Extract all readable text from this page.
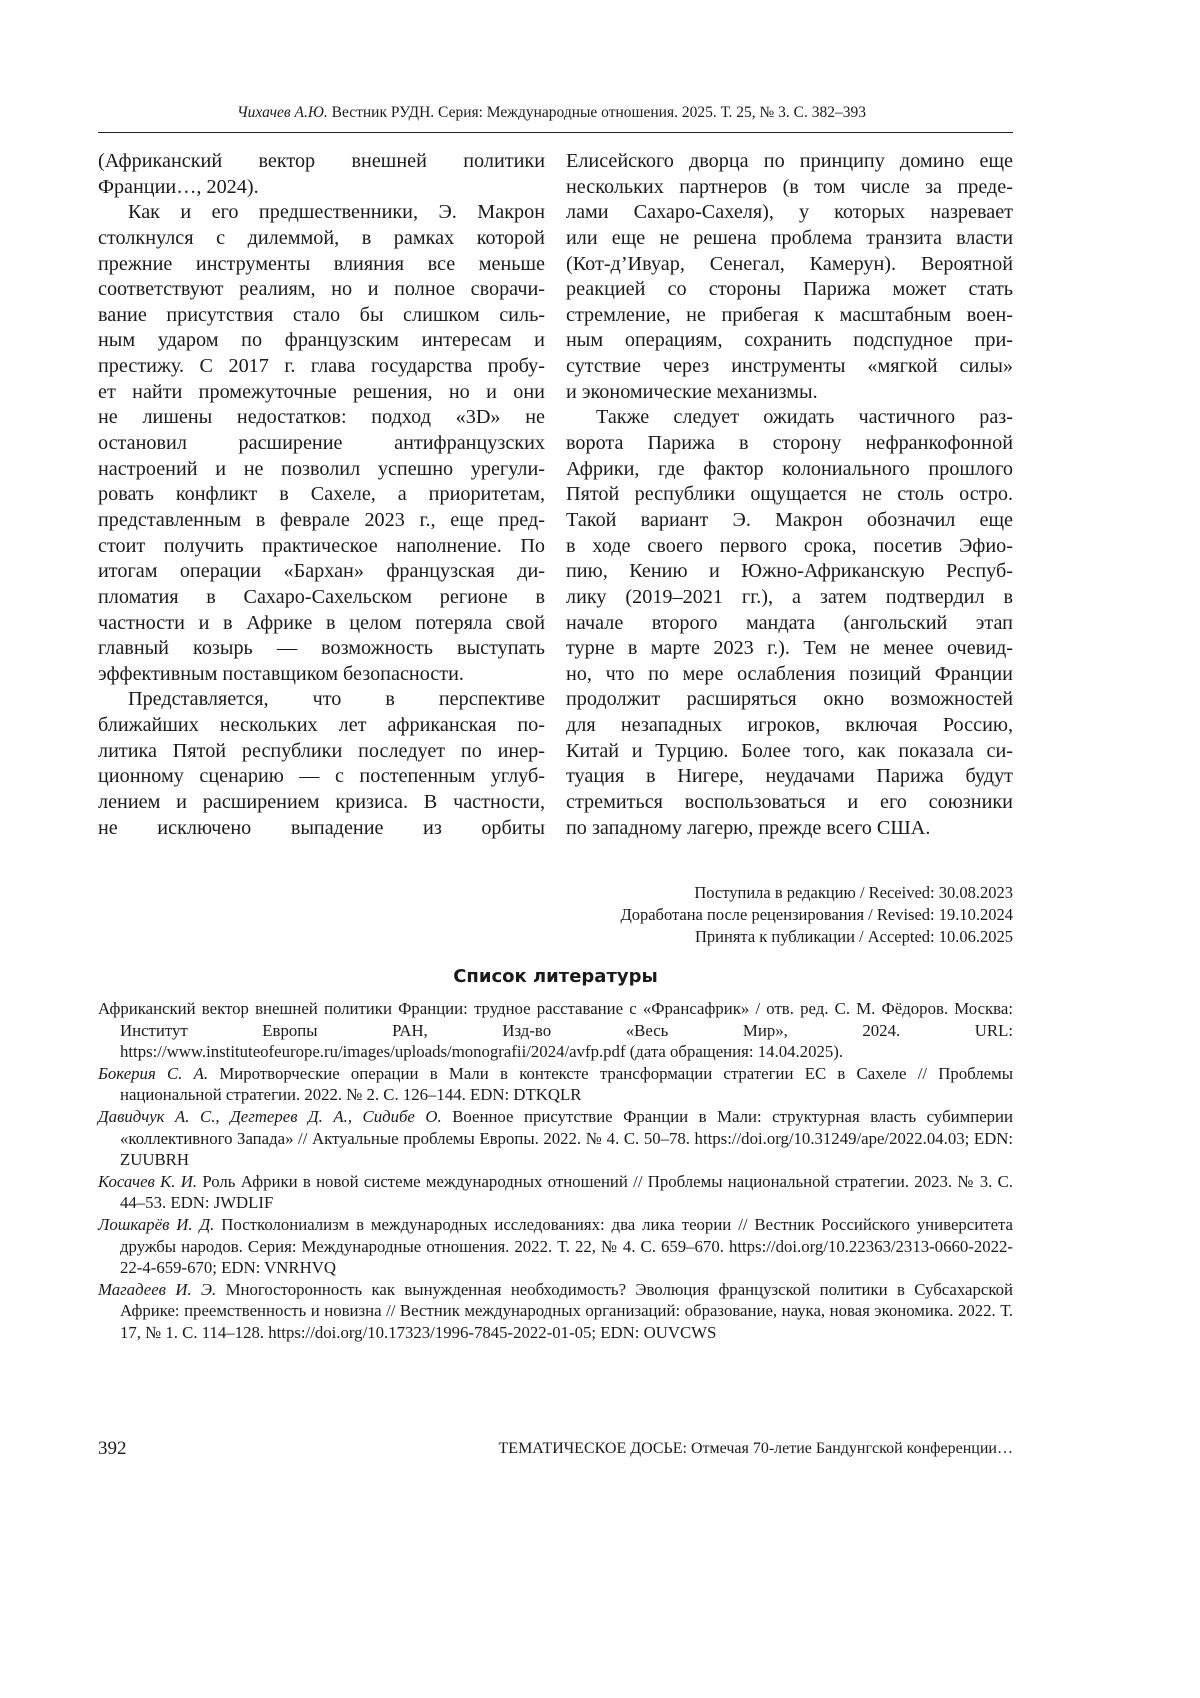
Чихачев А.Ю. Вестник РУДН. Серия: Международные отношения. 2025. Т. 25, № 3. С. 382–393
(Африканский вектор внешней политики
Франции…, 2024).
Как и его предшественники, Э. Макрон
столкнулся с дилеммой, в рамках которой
прежние инструменты влияния все меньше
соответствуют реалиям, но и полное сворачи-
вание присутствия стало бы слишком силь-
ным ударом по французским интересам и
престижу. С 2017 г. глава государства пробу-
ет найти промежуточные решения, но и они
не лишены недостатков: подход «3D» не
остановил расширение антифранцузских
настроений и не позволил успешно урегули-
ровать конфликт в Сахеле, а приоритетам,
представленным в феврале 2023 г., еще пред-
стоит получить практическое наполнение. По
итогам операции «Бархан» французская ди-
пломатия в Сахаро-Сахельском регионе в
частности и в Африке в целом потеряла свой
главный козырь — возможность выступать
эффективным поставщиком безопасности.
Представляется, что в перспективе
ближайших нескольких лет африканская по-
литика Пятой республики последует по инер-
ционному сценарию — с постепенным углуб-
лением и расширением кризиса. В частности,
не исключено выпадение из орбиты
Елисейского дворца по принципу домино еще
нескольких партнеров (в том числе за преде-
лами Сахаро-Сахеля), у которых назревает
или еще не решена проблема транзита власти
(Кот-д’Ивуар, Сенегал, Камерун). Вероятной
реакцией со стороны Парижа может стать
стремление, не прибегая к масштабным воен-
ным операциям, сохранить подспудное при-
сутствие через инструменты «мягкой силы»
и экономические механизмы.
Также следует ожидать частичного раз-
ворота Парижа в сторону нефранкофонной
Африки, где фактор колониального прошлого
Пятой республики ощущается не столь остро.
Такой вариант Э. Макрон обозначил еще
в ходе своего первого срока, посетив Эфио-
пию, Кению и Южно-Африканскую Респуб-
лику (2019–2021 гг.), а затем подтвердил в
начале второго мандата (ангольский этап
турне в марте 2023 г.). Тем не менее очевид-
но, что по мере ослабления позиций Франции
продолжит расширяться окно возможностей
для незападных игроков, включая Россию,
Китай и Турцию. Более того, как показала си-
туация в Нигере, неудачами Парижа будут
стремиться воспользоваться и его союзники
по западному лагерю, прежде всего США.
Поступила в редакцию / Received: 30.08.2023
Доработана после рецензирования / Revised: 19.10.2024
Принята к публикации / Accepted: 10.06.2025
Список литературы

Африканский вектор внешней политики Франции: трудное расставание с «Франсафрик» / отв. ред. С. М. Фёдоров. Москва: Институт Европы РАН, Изд-во «Весь Мир», 2024. URL: https://www.instituteofeurope.ru/images/uploads/monografii/2024/avfp.pdf (дата обращения: 14.04.2025).

Бокерия С. А. Миротворческие операции в Мали в контексте трансформации стратегии ЕС в Сахеле // Проблемы национальной стратегии. 2022. № 2. С. 126–144. EDN: DTKQLR

Давидчук А. С., Дегтерев Д. А., Сидибе О. Военное присутствие Франции в Мали: структурная власть субимперии «коллективного Запада» // Актуальные проблемы Европы. 2022. № 4. С. 50–78. https://doi.org/10.31249/ape/2022.04.03; EDN: ZUUBRH

Косачев К. И. Роль Африки в новой системе международных отношений // Проблемы национальной стратегии. 2023. № 3. С. 44–53. EDN: JWDLIF

Лошкарёв И. Д. Постколониализм в международных исследованиях: два лика теории // Вестник Российского университета дружбы народов. Серия: Международные отношения. 2022. Т. 22, № 4. С. 659–670. https://doi.org/10.22363/2313-0660-2022-22-4-659-670; EDN: VNRHVQ

Магадеев И. Э. Многосторонность как вынужденная необходимость? Эволюция французской политики в Субсахарской Африке: преемственность и новизна // Вестник международных организаций: образование, наука, новая экономика. 2022. Т. 17, № 1. С. 114–128. https://doi.org/10.17323/1996-7845-2022-01-05; EDN: OUVCWS

392	ТЕМАТИЧЕСКОЕ ДОСЬЕ: Отмечая 70-летие Бандунгской конференции…
